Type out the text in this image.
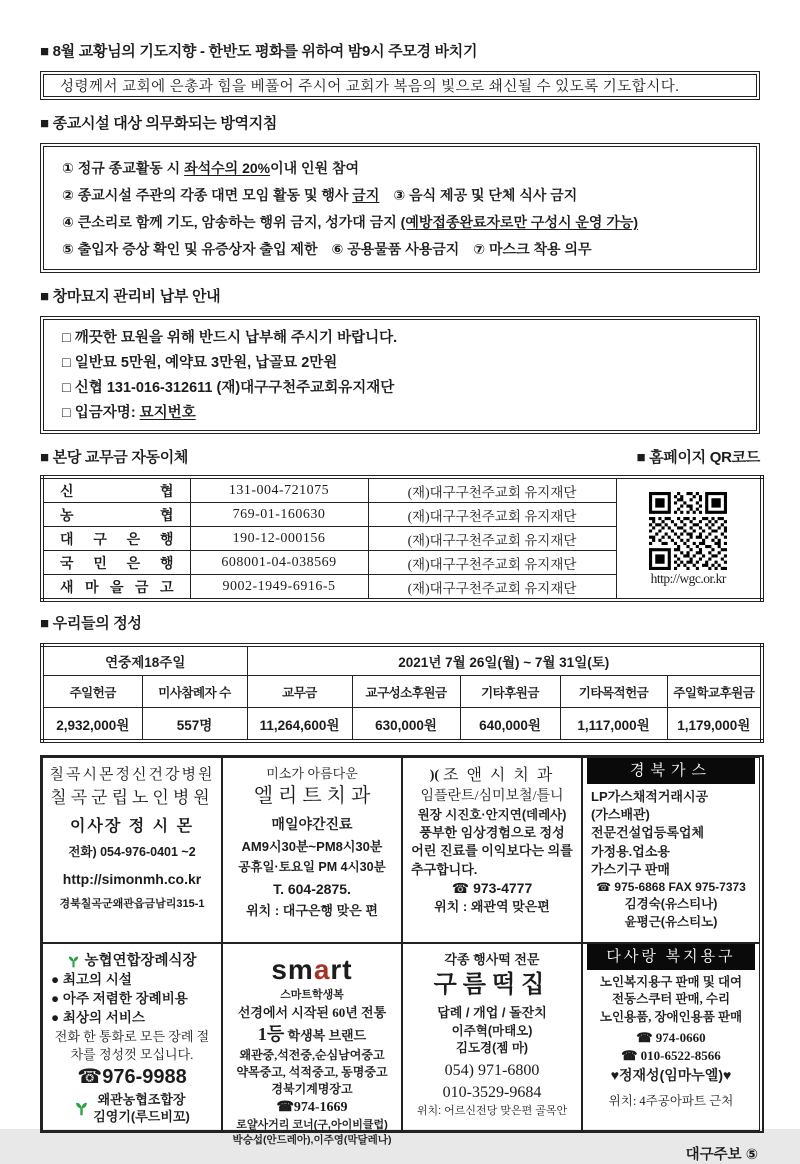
■ 8월 교황님의 기도지향 - 한반도 평화를 위하여 밤9시 주모경 바치기
성령께서 교회에 은총과 힘을 베풀어 주시어 교회가 복음의 빛으로 쇄신될 수 있도록 기도합시다.
■ 종교시설 대상 의무화되는 방역지침
① 정규 종교활동 시 좌석수의 20%이내 인원 참여
② 종교시설 주관의 각종 대면 모임 활동 및 행사 금지　③ 음식 제공 및 단체 식사 금지
④ 큰소리로 함께 기도, 암송하는 행위 금지, 성가대 금지 (예방접종완료자로만 구성시 운영 가능)
⑤ 출입자 증상 확인 및 유증상자 출입 제한　⑥ 공용물품 사용금지　⑦ 마스크 착용 의무
■ 창마묘지 관리비 납부 안내
□ 깨끗한 묘원을 위해 반드시 납부해 주시기 바랍니다.
□ 일반묘 5만원, 예약묘 3만원, 납골묘 2만원
□ 신협 131-016-312611 (재)대구구천주교회유지재단
□ 입금자명: 묘지번호
■ 본당 교무금 자동이체	■ 홈페이지 QR코드
신 협	131-004-721075	(재)대구구천주교회 유지재단	http://wgc.or.kr

농 협	769-01-160630	(재)대구구천주교회 유지재단	

대 구 은 행	190-12-000156	(재)대구구천주교회 유지재단	

국 민 은 행	608001-04-038569	(재)대구구천주교회 유지재단	

새 마 을 금 고	9002-1949-6916-5	(재)대구구천주교회 유지재단	
■ 우리들의 정성
연중제18주일		2021년 7월 26일(월) ~ 7월 31일(토)				
주일헌금	미사참례자 수	교무금	교구성소후원금	기타후원금	기타목적헌금	주일학교후원금
2,932,000원	557명	11,264,600원	630,000원	640,000원	1,117,000원	1,179,000원
칠곡시몬정신건강병원
칠곡군립노인병원
이사장 정 시 몬
전화) 054-976-0401 ~2
http://simonmh.co.kr
경북칠곡군왜관읍금남리315-1
미소가 아름다운
엘 리 트 치 과
매일야간진료
AM9시30분~PM8시30분
공휴일·토요일 PM 4시30분
T. 604-2875.
위치 : 대구은행 맞은 편
)( 조 앤 시 치 과
임플란트/심미보철/틀니
원장 시진호·안지연(데레사)
풍부한 임상경험으로 정성
어린 진료를 이익보다는 의를
추구합니다.
☎ 973-4777
위치 : 왜관역 맞은편
경북가스
LP가스채적거래시공
(가스배관)
전문건설업등록업체
가정용.업소용
가스기구 판매
☎ 975-6868 FAX 975-7373
김경숙(유스티나)
윤평근(유스티노)
농협연합장례식장
● 최고의 시설
● 아주 저렴한 장례비용
● 최상의 서비스
전화 한 통화로 모든 장례 절
차를 정성껏 모십니다.
☎976-9988
왜관농협조합장
김영기(루드비꼬)
smart
스마트학생복
선경에서 시작된 60년 전통
1등 학생복 브랜드
왜관중,석전중,순심남여중고
약목중고, 석적중고, 동명중고
경북기계명장고
☎974-1669
로얄사거리 코너(구,아이비클럽)
박승섭(안드레아),이주영(막달레나)
각종 행사떡 전문
구름떡집
답례 / 개업 / 돌잔치
이주혁(마태오)
김도경(젬 마)
054) 971-6800
010-3529-9684
위치: 어르신전당 맞은편 골목안
다사랑 복지용구
노인복지용구 판매 및 대여
전동스쿠터 판매, 수리
노인용품, 장애인용품 판매
☎ 974-0660
☎ 010-6522-8566
♥정재성(임마누엘)♥
위치: 4주공아파트 근처
대구주보 ⑤
